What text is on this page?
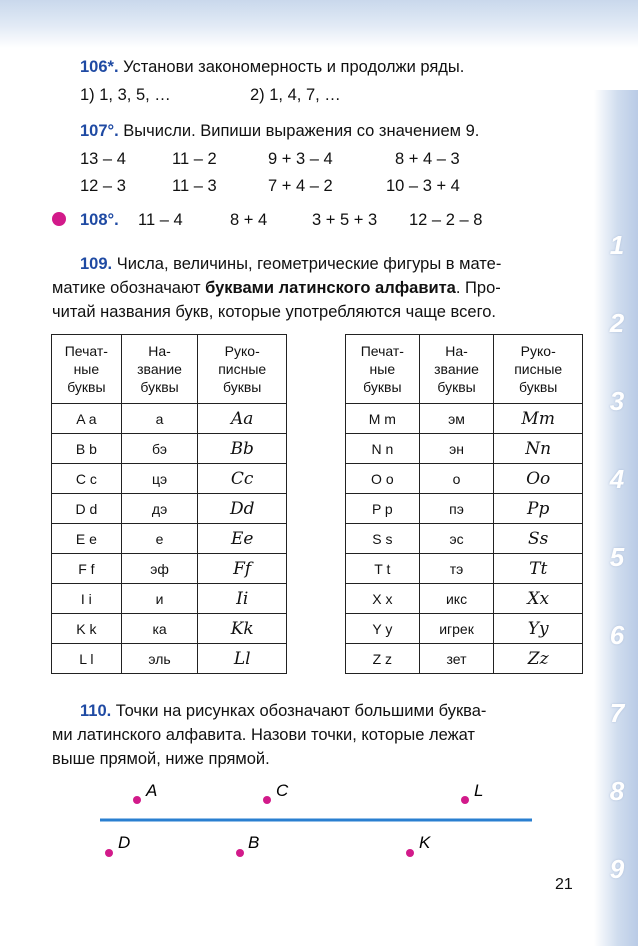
1
2
3
4
5
6
7
8
9
106*. Установи закономерность и продолжи ряды.
1) 1, 3, 5, …	2) 1, 4, 7, …
107°. Вычисли. Випиши выражения со значением 9.
13 – 4	11 – 2	9 + 3 – 4	8 + 4 – 3
12 – 3	11 – 3	7 + 4 – 2	10 – 3 + 4
108°. 11 – 4	8 + 4	3 + 5 + 3 12 – 2 – 8
109. Числа, величины, геометрические фигуры в мате-
матике обозначают буквами латинского алфавита. Про-
читай названия букв, которые употребляются чаще всего.
Печат-
ные
буквы	На-
звание
буквы	Руко-
писные
буквы
A a	а	Aa
B b	бэ	Bb
C c	цэ	Cc
D d	дэ	Dd
E e	е	Ee
F f	эф	Ff
I i	и	Ii
K k	ка	Kk
L l	эль	Ll
Печат-
ные
буквы	На-
звание
буквы	Руко-
писные
буквы
M m	эм	Mm
N n	эн	Nn
O o	о	Oo
P p	пэ	Pp
S s	эс	Ss
T t	тэ	Tt
X x	икс	Xx
Y y	игрек	Yy
Z z	зет	Zz
110. Точки на рисунках обозначают большими буква-
ми латинского алфавита. Назови точки, которые лежат
выше прямой, ниже прямой.
A	C	L
D	B	K
21
